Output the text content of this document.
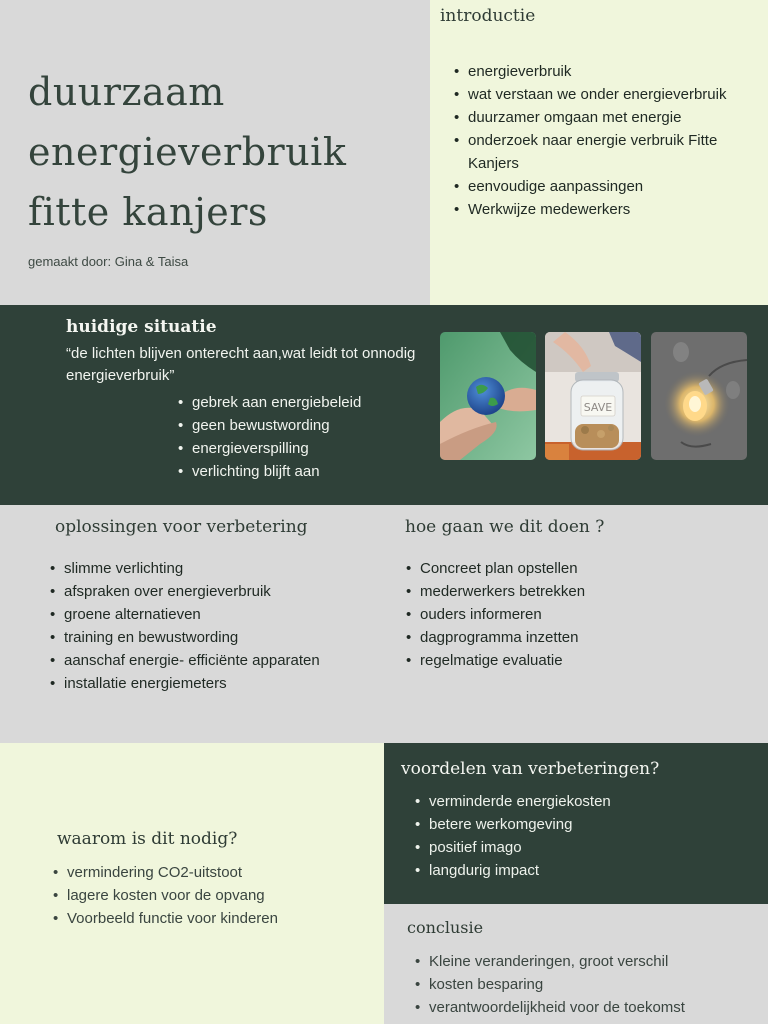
duurzaam
energieverbruik
fitte kanjers
gemaakt door: Gina & Taisa
introductie
• energieverbruik
• wat verstaan we onder energieverbruik
• duurzamer omgaan met energie
• onderzoek naar energie verbruik Fitte Kanjers
• eenvoudige aanpassingen
• Werkwijze medewerkers
huidige situatie

“de lichten blijven onterecht aan,wat leidt tot onnodig energieverbruik”

• gebrek aan energiebeleid
• geen bewustwording
• energieverspilling
• verlichting blijft aan
SAVE
oplossingen voor verbetering
• slimme verlichting
• afspraken over energieverbruik
• groene alternatieven
• training en bewustwording
• aanschaf energie- efficiënte apparaten
• installatie energiemeters
hoe gaan we dit doen ?
• Concreet plan opstellen
• mederwerkers betrekken
• ouders informeren
• dagprogramma inzetten
• regelmatige evaluatie
waarom is dit nodig?
• vermindering CO2-uitstoot
• lagere kosten voor de opvang
• Voorbeeld functie voor kinderen
voordelen van verbeteringen?
• verminderde energiekosten
• betere werkomgeving
• positief imago
• langdurig impact
conclusie
• Kleine veranderingen, groot verschil
• kosten besparing
• verantwoordelijkheid voor de toekomst
